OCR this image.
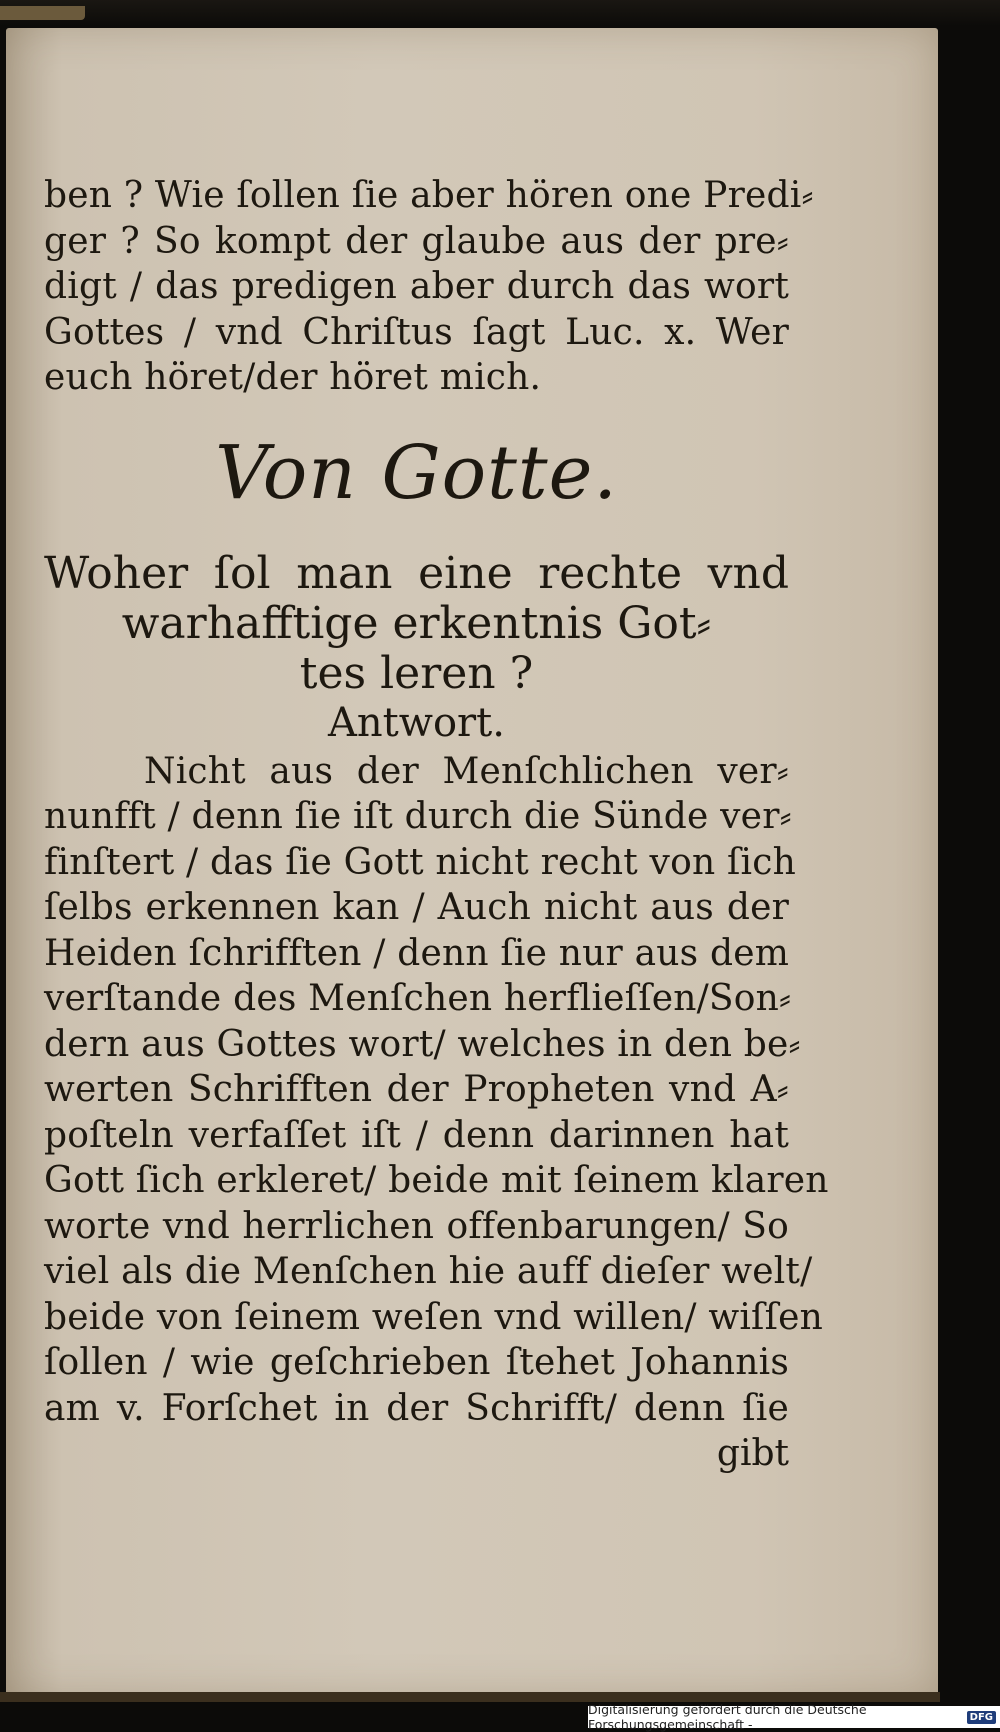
ben ? Wie ſollen ſie aber hören one Predi⸗
ger ? So kompt der glaube aus der pre⸗
digt / das predigen aber durch das wort
Gottes / vnd Chriſtus ſagt Luc. x. Wer
euch höret/der höret mich.
Von Gotte.
Woher ſol man eine rechte vnd
warhafftige erkentnis Got⸗
tes leren ?
Antwort.
Nicht aus der Menſchlichen ver⸗
nunfft / denn ſie iſt durch die Sünde ver⸗
finſtert / das ſie Gott nicht recht von ſich
ſelbs erkennen kan / Auch nicht aus der
Heiden ſchrifften / denn ſie nur aus dem
verſtande des Menſchen herflieſſen/Son⸗
dern aus Gottes wort/ welches in den be⸗
werten Schrifften der Propheten vnd A⸗
poſteln verfaſſet iſt / denn darinnen hat
Gott ſich erkleret/ beide mit ſeinem klaren
worte vnd herrlichen offenbarungen/ So
viel als die Menſchen hie auff dieſer welt/
beide von ſeinem weſen vnd willen/ wiſſen
ſollen / wie geſchrieben ſtehet Johannis
am v. Forſchet in der Schrifft/ denn ſie
gibt
Digitalisierung gefördert durch die Deutsche Forschungsgemeinschaft -	DFG
